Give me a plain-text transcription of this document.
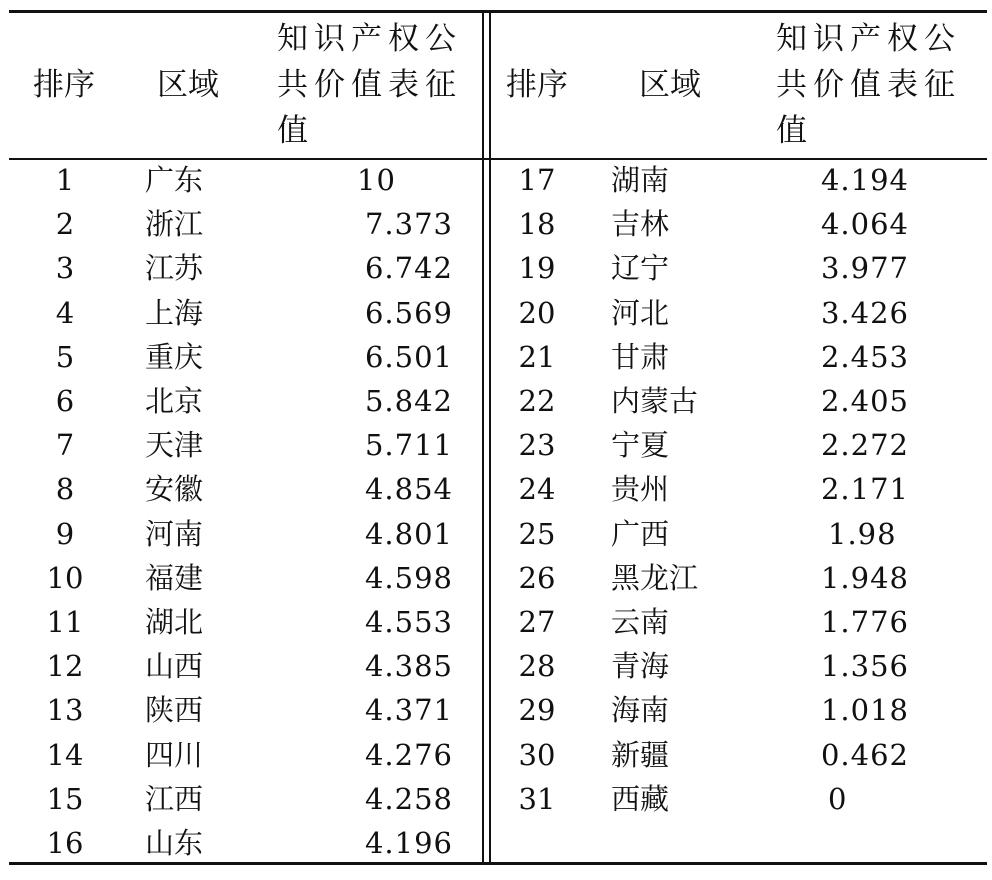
排序 区域
知识产权公共价值表征值
排序 区域
知识产权公共价值表征值
1	广东	10
2	浙江	7.373
3	江苏	6.742
4	上海	6.569
5	重庆	6.501
6	北京	5.842
7	天津	5.711
8	安徽	4.854
9	河南	4.801
10	福建	4.598
11	湖北	4.553
12	山西	4.385
13	陕西	4.371
14	四川	4.276
15	江西	4.258
16	山东	4.196
17	湖南	4.194
18	吉林	4.064
19	辽宁	3.977
20	河北	3.426
21	甘肃	2.453
22	内蒙古	2.405
23	宁夏	2.272
24	贵州	2.171
25	广西	1.98
26	黑龙江	1.948
27	云南	1.776
28	青海	1.356
29	海南	1.018
30	新疆	0.462
31	西藏	0
